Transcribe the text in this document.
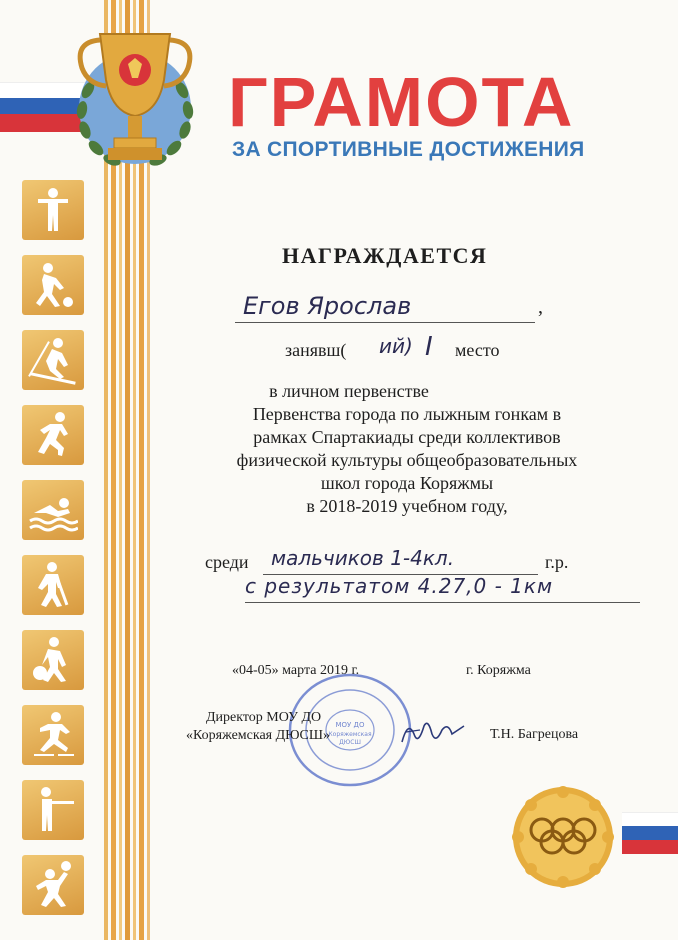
ГРАМОТА
ЗА СПОРТИВНЫЕ ДОСТИЖЕНИЯ
НАГРАЖДАЕТСЯ
Егов Ярослав	,
занявш( ий) I место
в личном первенстве
Первенства города по лыжным гонкам в
рамках Спартакиады среди коллективов
физической культуры общеобразовательных
школ города Коряжмы
в 2018-2019 учебном году,
среди мальчиков 1-4кл.	г.р.
с результатом 4.27,0 - 1км
«04-05» марта 2019 г.	г. Коряжма
МОУ ДО
Коряжемская
ДЮСШ
Директор МОУ ДО
«Коряжемская ДЮСШ»	Т.Н. Багрецова
